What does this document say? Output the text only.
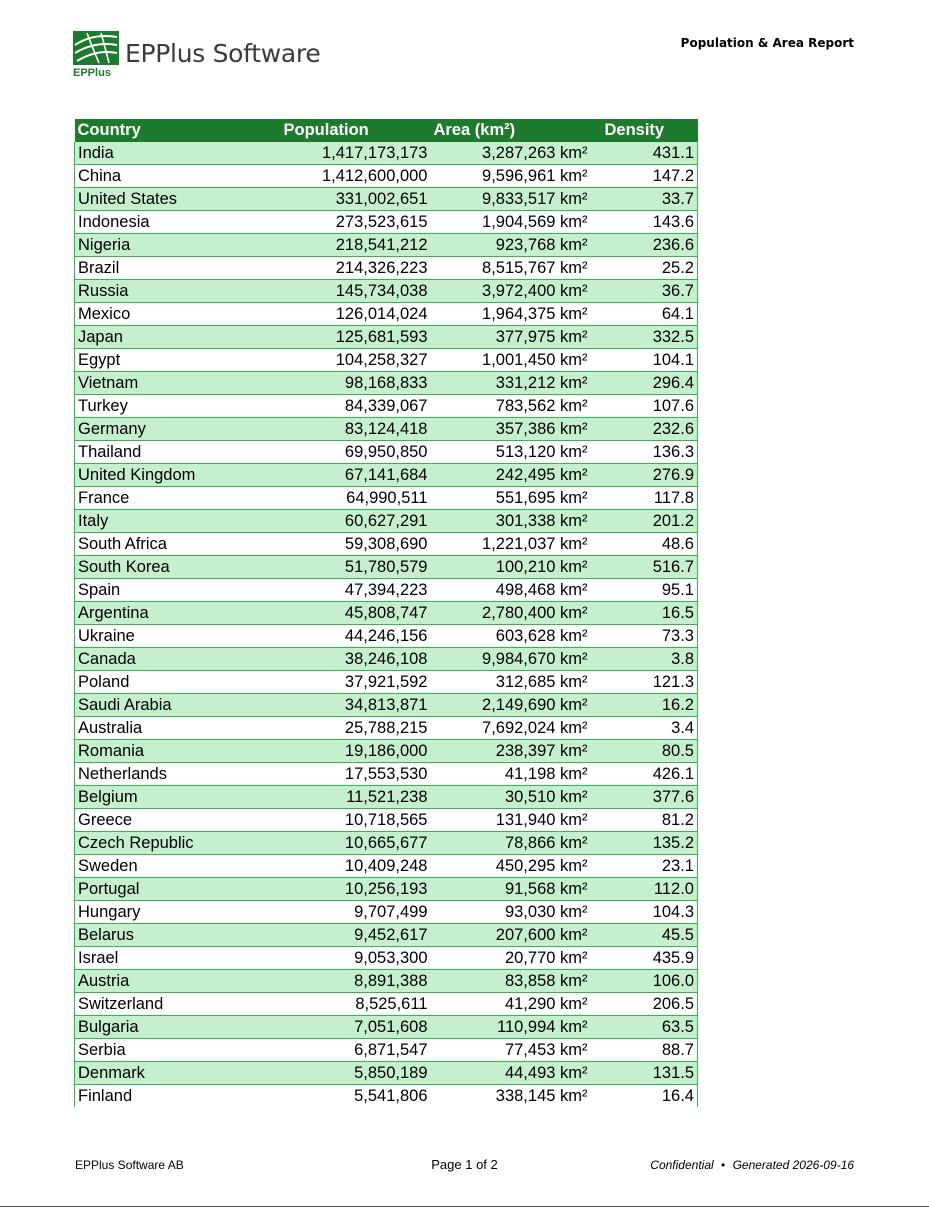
EPPlus
EPPlus Software	Population & Area Report
Country	Population	Area (km²)	Density
India	1,417,173,173	3,287,263 km²	431.1
China	1,412,600,000	9,596,961 km²	147.2
United States	331,002,651	9,833,517 km²	33.7
Indonesia	273,523,615	1,904,569 km²	143.6
Nigeria	218,541,212	923,768 km²	236.6
Brazil	214,326,223	8,515,767 km²	25.2
Russia	145,734,038	3,972,400 km²	36.7
Mexico	126,014,024	1,964,375 km²	64.1
Japan	125,681,593	377,975 km²	332.5
Egypt	104,258,327	1,001,450 km²	104.1
Vietnam	98,168,833	331,212 km²	296.4
Turkey	84,339,067	783,562 km²	107.6
Germany	83,124,418	357,386 km²	232.6
Thailand	69,950,850	513,120 km²	136.3
United Kingdom	67,141,684	242,495 km²	276.9
France	64,990,511	551,695 km²	117.8
Italy	60,627,291	301,338 km²	201.2
South Africa	59,308,690	1,221,037 km²	48.6
South Korea	51,780,579	100,210 km²	516.7
Spain	47,394,223	498,468 km²	95.1
Argentina	45,808,747	2,780,400 km²	16.5
Ukraine	44,246,156	603,628 km²	73.3
Canada	38,246,108	9,984,670 km²	3.8
Poland	37,921,592	312,685 km²	121.3
Saudi Arabia	34,813,871	2,149,690 km²	16.2
Australia	25,788,215	7,692,024 km²	3.4
Romania	19,186,000	238,397 km²	80.5
Netherlands	17,553,530	41,198 km²	426.1
Belgium	11,521,238	30,510 km²	377.6
Greece	10,718,565	131,940 km²	81.2
Czech Republic	10,665,677	78,866 km²	135.2
Sweden	10,409,248	450,295 km²	23.1
Portugal	10,256,193	91,568 km²	112.0
Hungary	9,707,499	93,030 km²	104.3
Belarus	9,452,617	207,600 km²	45.5
Israel	9,053,300	20,770 km²	435.9
Austria	8,891,388	83,858 km²	106.0
Switzerland	8,525,611	41,290 km²	206.5
Bulgaria	7,051,608	110,994 km²	63.5
Serbia	6,871,547	77,453 km²	88.7
Denmark	5,850,189	44,493 km²	131.5
Finland	5,541,806	338,145 km²	16.4
EPPlus Software AB	Page 1 of 2	Confidential • Generated 2026-09-16
